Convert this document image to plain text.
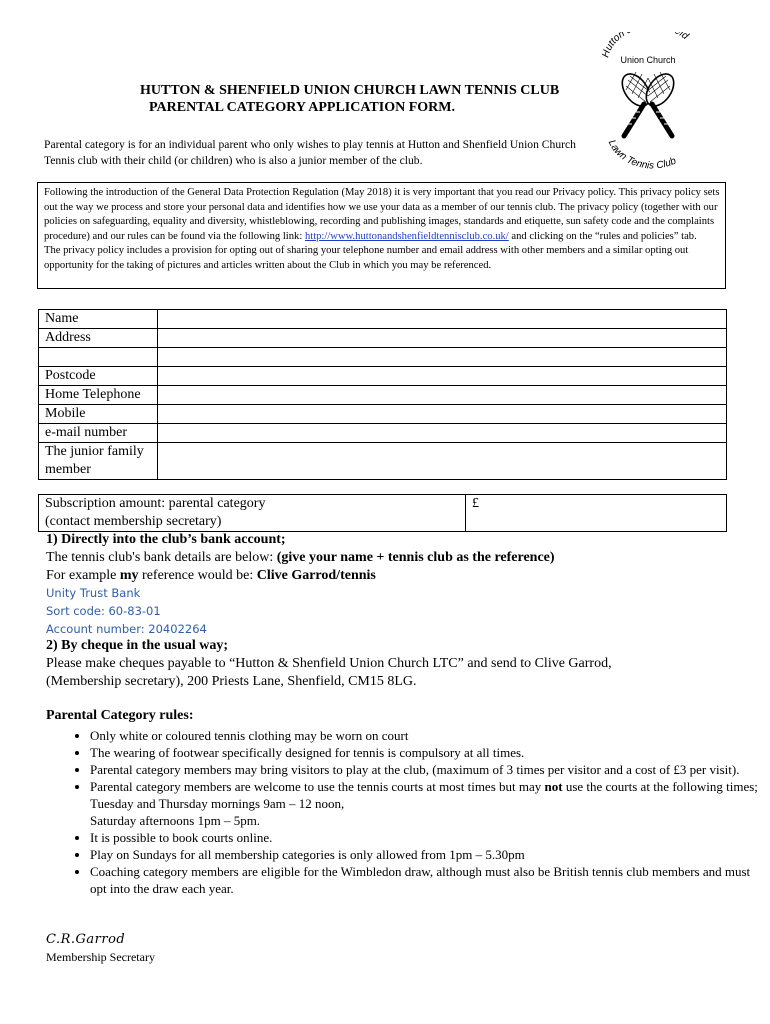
Hutton ld
Union Church
Lawn Tennis Club
HUTTON & SHENFIELD UNION CHURCH LAWN TENNIS CLUB
PARENTAL CATEGORY APPLICATION FORM.
Parental category is for an individual parent who only wishes to play tennis at Hutton and Shenfield Union Church Tennis club with their child (or children) who is also a junior member of the club.
Following the introduction of the General Data Protection Regulation (May 2018) it is very important that you read our Privacy policy. This privacy policy sets out the way we process and store your personal data and identifies how we use your data as a member of our tennis club. The privacy policy (together with our policies on safeguarding, equality and diversity, whistleblowing, recording and publishing images, standards and etiquette, sun safety code and the complaints procedure) and our rules can be found via the following link: http://www.huttonandshenfieldtennisclub.co.uk/ and clicking on the “rules and policies” tab.
The privacy policy includes a provision for opting out of sharing your telephone number and email address with other members and a similar opting out opportunity for the taking of pictures and articles written about the Club in which you may be referenced.
Name	
Address	

Postcode	
Home Telephone	
Mobile	
e-mail number	
The junior family member	
Subscription amount: parental category
(contact membership secretary)	£
1) Directly into the club’s bank account;
The tennis club's bank details are below: (give your name + tennis club as the reference)
For example my reference would be: Clive Garrod/tennis
Unity Trust Bank
Sort code: 60-83-01
Account number: 20402264
2) By cheque in the usual way;
Please make cheques payable to “Hutton & Shenfield Union Church LTC” and send to Clive Garrod,
(Membership secretary), 200 Priests Lane, Shenfield, CM15 8LG.
Parental Category rules:
• Only white or coloured tennis clothing may be worn on court
• The wearing of footwear specifically designed for tennis is compulsory at all times.
• Parental category members may bring visitors to play at the club, (maximum of 3 times per visitor and a cost of £3 per visit).
• Parental category members are welcome to use the tennis courts at most times but may not use the courts at the following times; Tuesday and Thursday mornings 9am – 12 noon,
Saturday afternoons 1pm – 5pm.
• It is possible to book courts online.
• Play on Sundays for all membership categories is only allowed from 1pm – 5.30pm
• Coaching category members are eligible for the Wimbledon draw, although must also be British tennis club members and must opt into the draw each year.
C.R.Garrod
Membership Secretary
